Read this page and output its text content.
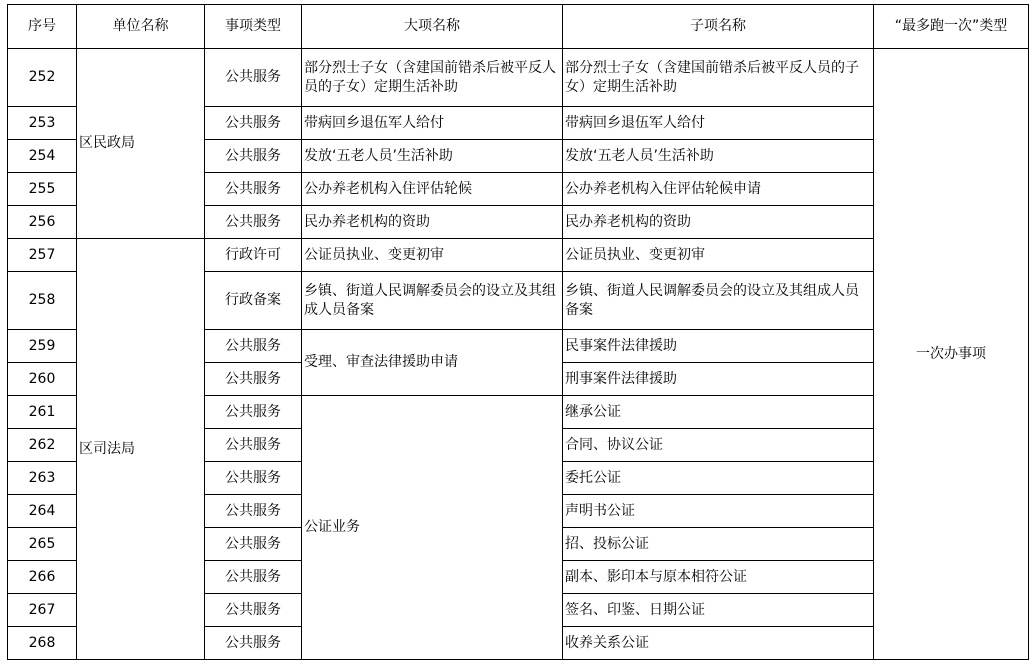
序号	单位名称	事项类型	大项名称	子项名称	“最多跑一次”类型
252	区民政局	公共服务	部分烈士子女（含建国前错杀后被平反人员的子女）定期生活补助	部分烈士子女（含建国前错杀后被平反人员的子女）定期生活补助	一次办事项
253		公共服务	带病回乡退伍军人给付	带病回乡退伍军人给付	
254		公共服务	发放‘五老人员’生活补助	发放‘五老人员’生活补助	
255		公共服务	公办养老机构入住评估轮候	公办养老机构入住评估轮候申请	
256		公共服务	民办养老机构的资助	民办养老机构的资助	
257	区司法局	行政许可	公证员执业、变更初审	公证员执业、变更初审	
258		行政备案	乡镇、街道人民调解委员会的设立及其组成人员备案	乡镇、街道人民调解委员会的设立及其组成人员备案	
259		公共服务	受理、审查法律援助申请	民事案件法律援助	
260		公共服务		刑事案件法律援助	
261		公共服务	公证业务	继承公证	
262		公共服务		合同、协议公证	
263		公共服务		委托公证	
264		公共服务		声明书公证	
265		公共服务		招、投标公证	
266		公共服务		副本、影印本与原本相符公证	
267		公共服务		签名、印鉴、日期公证	
268		公共服务		收养关系公证	
